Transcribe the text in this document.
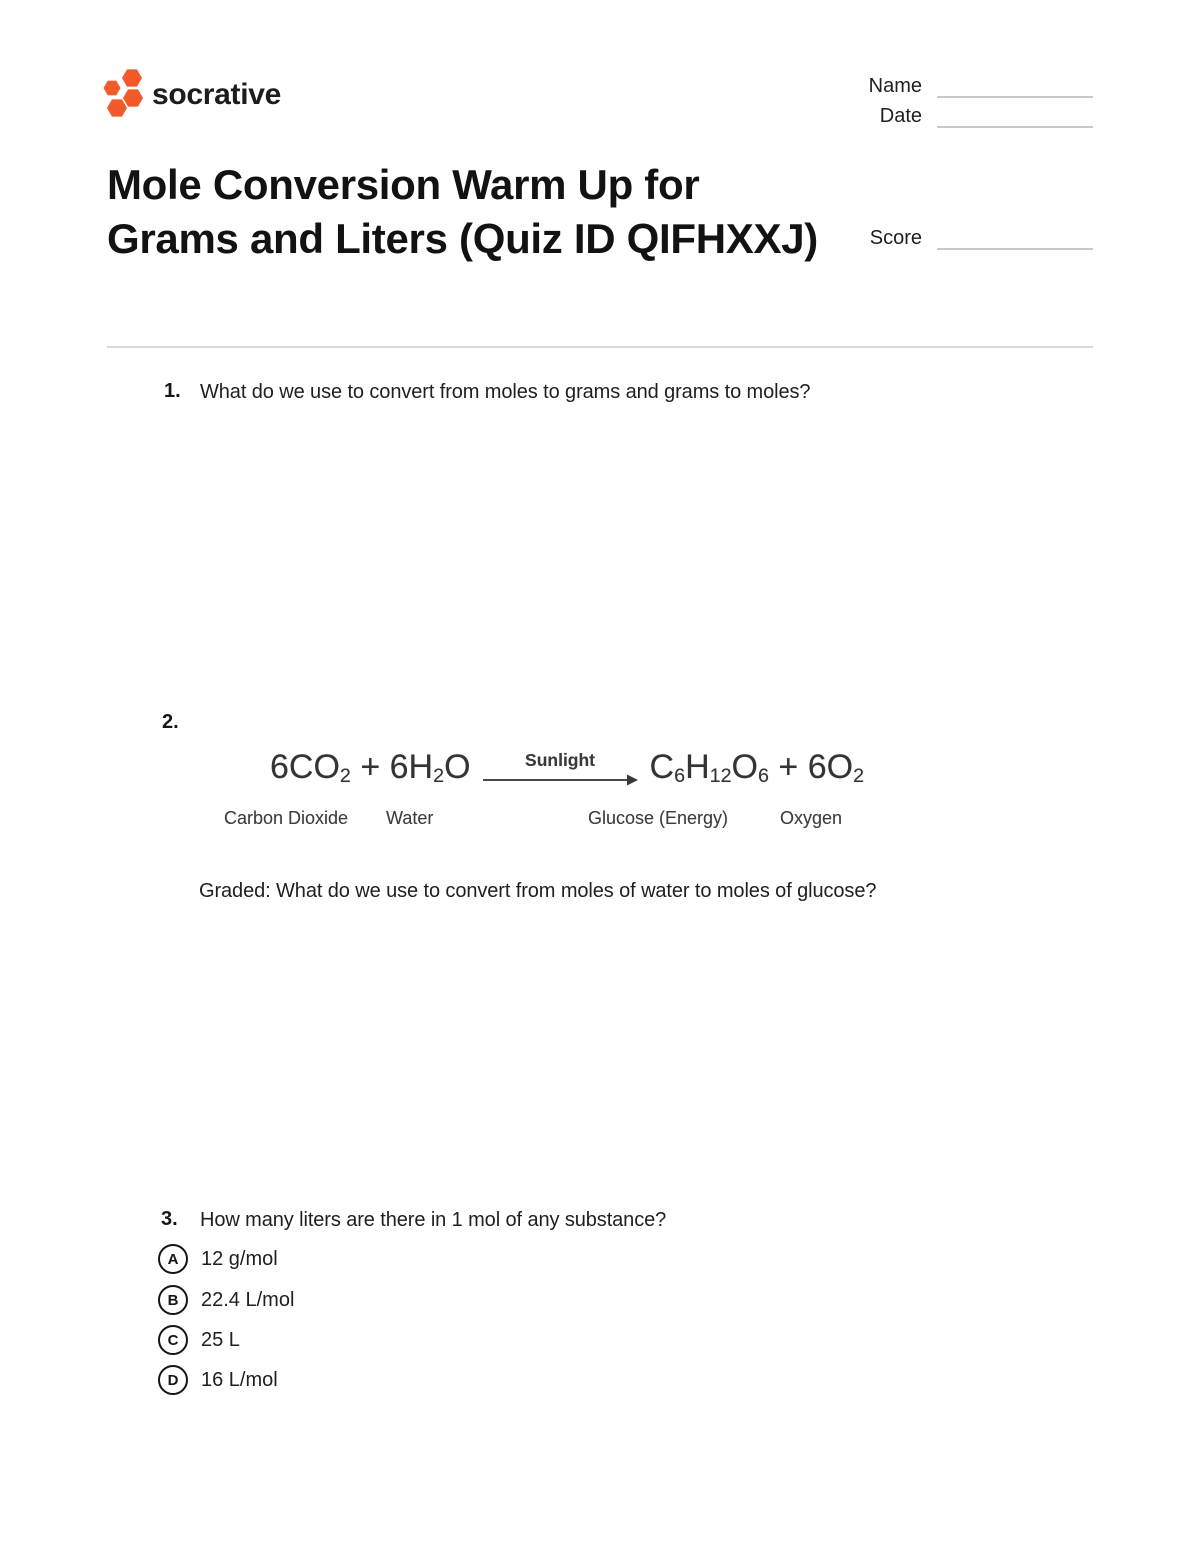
socrative	Name
Date
Mole Conversion Warm Up for Grams and Liters (Quiz ID QIFHXXJ)	Score
1. What do we use to convert from moles to grams and grams to moles?
2.
$6CO_2 + 6H_2O$	Sunlight $C_6H_{12}O_6 + 6O_2$
Carbon Dioxide Water	Glucose (Energy)	Oxygen
Graded: What do we use to convert from moles of water to moles of glucose?
3. How many liters are there in 1 mol of any substance?
A	12 g/mol
B	22.4 L/mol
C	25 L
D	16 L/mol
